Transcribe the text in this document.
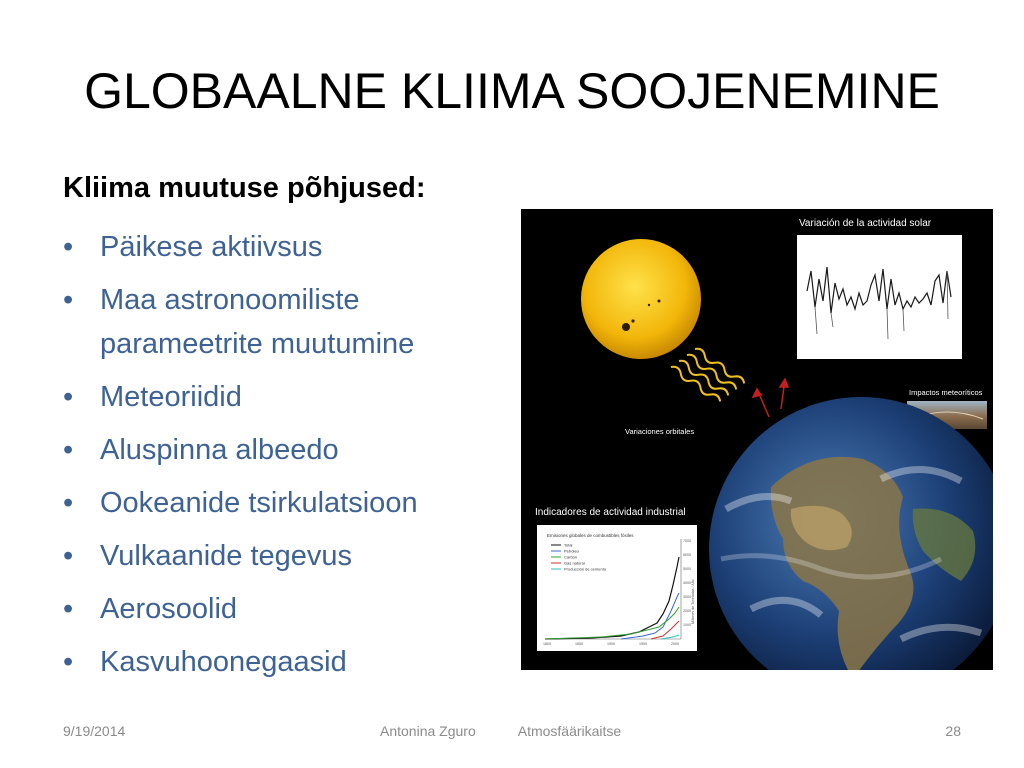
GLOBAALNE KLIIMA SOOJENEMINE
Kliima muutuse põhjused:
• Päikese aktiivsus
• Maa astronoomiliste parameetrite muutumine
• Meteoriidid
• Aluspinna albeedo
• Ookeanide tsirkulatsioon
• Vulkaanide tegevus
• Aerosoolid
• Kasvuhoonegaasid
Variación de la actividad solar
Impactos meteoríticos
Variaciones orbitales
Indicadores de actividad industrial
Emisiones globales de combustibles fósiles
Total
Petróleo
Carbón
Gas natural
Producción de cemento
1800	1850	1900	1950	2000
7000
6000
5000
4000
3000
2000
1000
Millones de Toneladas / Año
9/19/2014	Antonina Zguro	Atmosfäärikaitse	28
